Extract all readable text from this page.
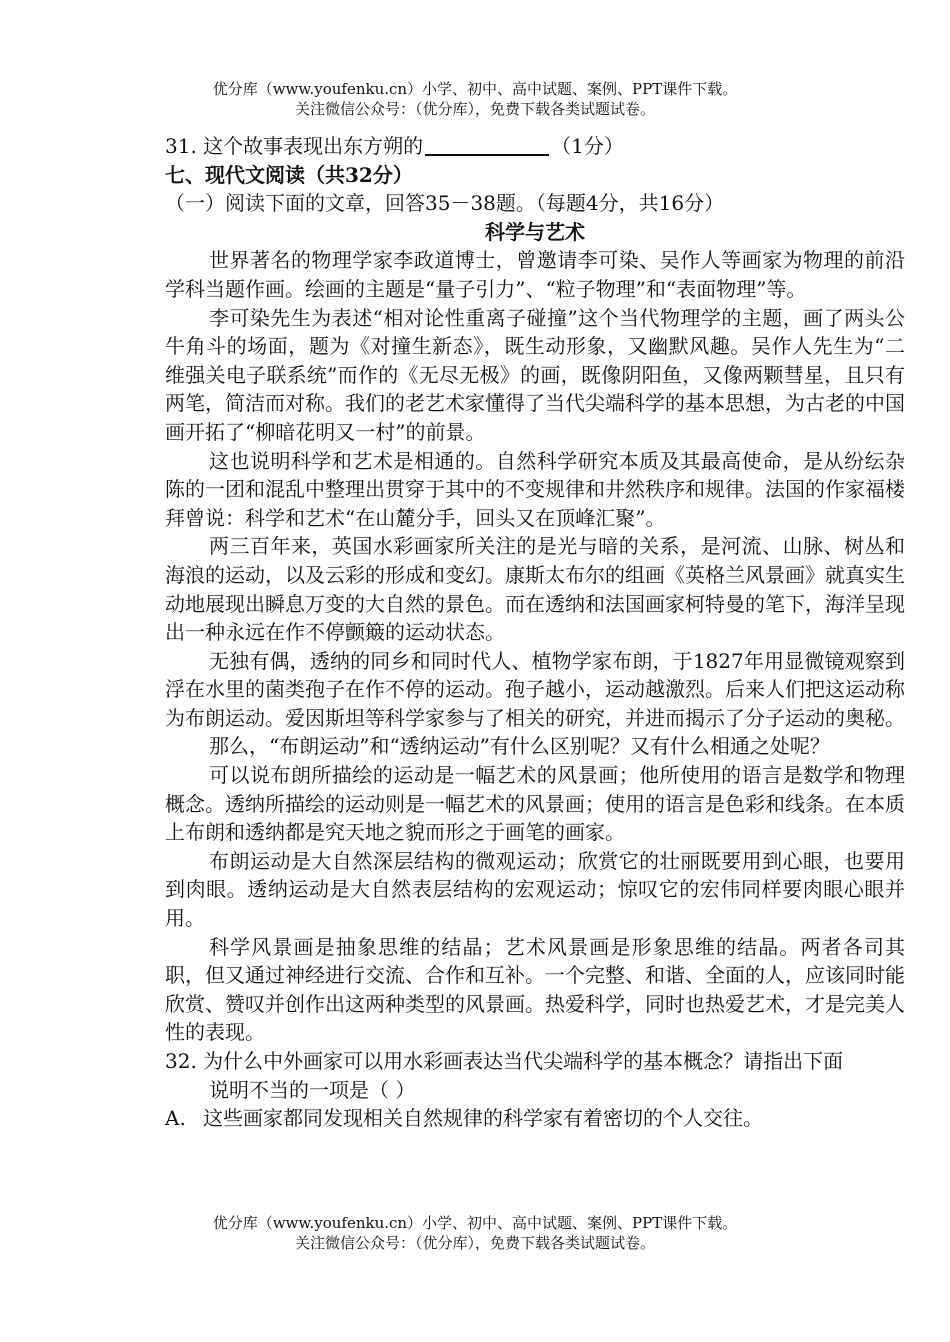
优分库（www.youfenku.cn）小学、初中、高中试题、案例、PPT课件下载。
关注微信公众号：（优分库），免费下载各类试题试卷。
31. 这个故事表现出东方朔的	（1分）
七、现代文阅读（共32分）
（一）阅读下面的文章，回答35－38题。（每题4分，共16分）
科学与艺术
世界著名的物理学家李政道博士，曾邀请李可染、吴作人等画家为物理的前沿学科当题作画。绘画的主题是“量子引力”、“粒子物理”和“表面物理”等。
李可染先生为表述“相对论性重离子碰撞”这个当代物理学的主题，画了两头公牛角斗的场面，题为《对撞生新态》，既生动形象，又幽默风趣。吴作人先生为“二维强关电子联系统”而作的《无尽无极》的画，既像阴阳鱼，又像两颗彗星，且只有两笔，简洁而对称。我们的老艺术家懂得了当代尖端科学的基本思想，为古老的中国画开拓了“柳暗花明又一村”的前景。
这也说明科学和艺术是相通的。自然科学研究本质及其最高使命，是从纷纭杂陈的一团和混乱中整理出贯穿于其中的不变规律和井然秩序和规律。法国的作家福楼拜曾说：科学和艺术“在山麓分手，回头又在顶峰汇聚”。
两三百年来，英国水彩画家所关注的是光与暗的关系，是河流、山脉、树丛和海浪的运动，以及云彩的形成和变幻。康斯太布尔的组画《英格兰风景画》就真实生动地展现出瞬息万变的大自然的景色。而在透纳和法国画家柯特曼的笔下，海洋呈现出一种永远在作不停颤簸的运动状态。
无独有偶，透纳的同乡和同时代人、植物学家布朗，于1827年用显微镜观察到浮在水里的菌类孢子在作不停的运动。孢子越小，运动越激烈。后来人们把这运动称为布朗运动。爱因斯坦等科学家参与了相关的研究，并进而揭示了分子运动的奥秘。
那么，“布朗运动”和“透纳运动”有什么区别呢？又有什么相通之处呢？
可以说布朗所描绘的运动是一幅艺术的风景画；他所使用的语言是数学和物理概念。透纳所描绘的运动则是一幅艺术的风景画；使用的语言是色彩和线条。在本质上布朗和透纳都是究天地之貌而形之于画笔的画家。
布朗运动是大自然深层结构的微观运动；欣赏它的壮丽既要用到心眼，也要用到肉眼。透纳运动是大自然表层结构的宏观运动；惊叹它的宏伟同样要肉眼心眼并用。
科学风景画是抽象思维的结晶；艺术风景画是形象思维的结晶。两者各司其职，但又通过神经进行交流、合作和互补。一个完整、和谐、全面的人，应该同时能欣赏、赞叹并创作出这两种类型的风景画。热爱科学，同时也热爱艺术，才是完美人性的表现。
32. 为什么中外画家可以用水彩画表达当代尖端科学的基本概念？请指出下面
说明不当的一项是（ ）
A. 这些画家都同发现相关自然规律的科学家有着密切的个人交往。
优分库（www.youfenku.cn）小学、初中、高中试题、案例、PPT课件下载。
关注微信公众号：（优分库），免费下载各类试题试卷。
